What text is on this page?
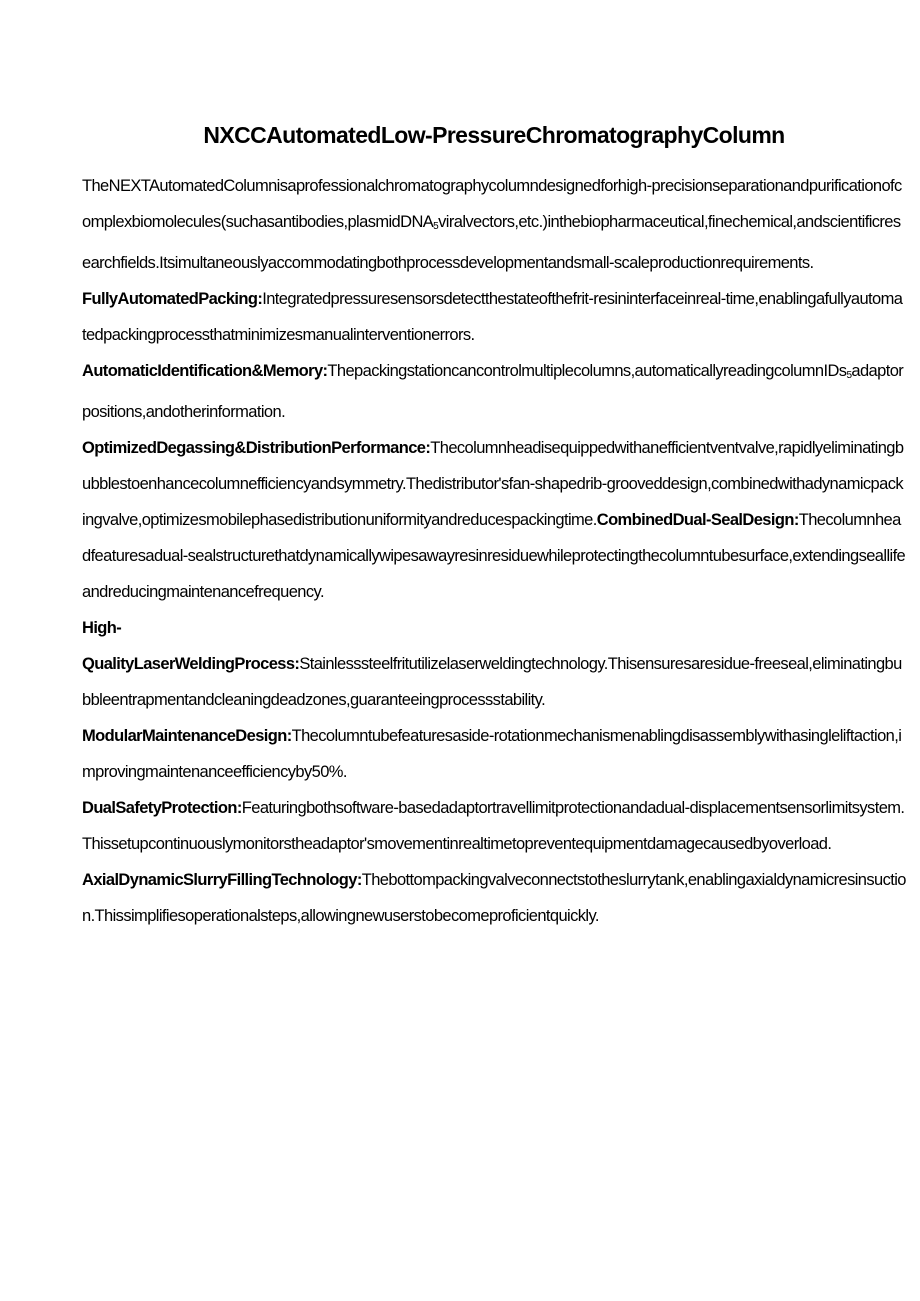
NXCCAutomatedLow-PressureChromatographyColumn

TheNEXTAutomatedColumnisaprofessionalchromatographycolumndesignedforhigh-precisionseparationandpurificationofcomplexbiomolecules(suchasantibodies,plasmidDNA$_5$viralvectors,etc.)inthebiopharmaceutical,finechemical,andscientificresearchfields.Itsimultaneouslyaccommodatingbothprocessdevelopmentandsmall-scaleproductionrequirements.

FullyAutomatedPacking:Integratedpressuresensorsdetectthestateofthefrit-resininterfaceinreal-time,enablingafullyautomatedpackingprocessthatminimizesmanualinterventionerrors.

AutomaticIdentification&Memory:Thepackingstationcancontrolmultiplecolumns,automaticallyreadingcolumnIDs$_5$adaptorpositions,andotherinformation.

OptimizedDegassing&DistributionPerformance:Thecolumnheadisequippedwithanefficientventvalve,rapidlyeliminatingbubblestoenhancecolumnefficiencyandsymmetry.Thedistributor'sfan-shapedrib-grooveddesign,combinedwithadynamicpackingvalve,optimizesmobilephasedistributionuniformityandreducespackingtime.CombinedDual-SealDesign:Thecolumnheadfeaturesadual-sealstructurethatdynamicallywipesawayresinresiduewhileprotectingthecolumntubesurface,extendingseallifeandreducingmaintenancefrequency.

High-

QualityLaserWeldingProcess:Stainlesssteelfritutilizelaserweldingtechnology.Thisensuresaresidue-freeseal,eliminatingbubbleentrapmentandcleaningdeadzones,guaranteeingprocessstability.

ModularMaintenanceDesign:Thecolumntubefeaturesaside-rotationmechanismenablingdisassemblywithasingleliftaction,improvingmaintenanceefficiencyby50%.

DualSafetyProtection:Featuringbothsoftware-basedadaptortravellimitprotectionandadual-displacementsensorlimitsystem.Thissetupcontinuouslymonitorstheadaptor'smovementinrealtimetopreventequipmentdamagecausedbyoverload.

AxialDynamicSlurryFillingTechnology:Thebottompackingvalveconnectstotheslurrytank,enablingaxialdynamicresinsuction.Thissimplifiesoperationalsteps,allowingnewuserstobecomeproficientquickly.
